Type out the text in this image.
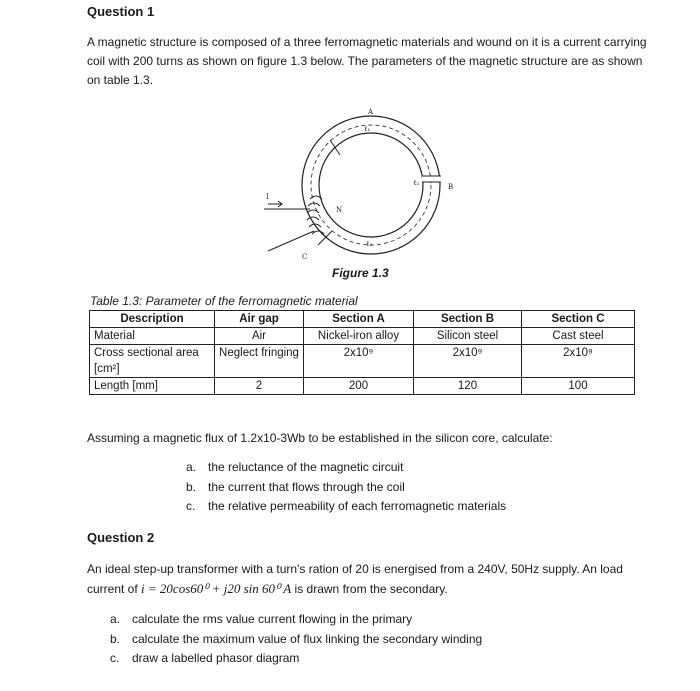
Question 1
A magnetic structure is composed of a three ferromagnetic materials and wound on it is a current carrying coil with 200 turns as shown on figure 1.3 below. The parameters of the magnetic structure are as shown on table 1.3.
A
B
C
N
I
ℓ₁
ℓ₂
ℓ₃
Figure 1.3
Table 1.3: Parameter of the ferromagnetic material
Description	Air gap	Section A	Section B	Section C
Material	Air	Nickel-iron alloy	Silicon steel	Cast steel
Cross sectional area [cm²]	Neglect fringing	2x10⁹	2x10⁹	2x10⁹
Length [mm]	2	200	120	100
Assuming a magnetic flux of 1.2x10-3Wb to be established in the silicon core, calculate:
a. the reluctance of the magnetic circuit
b. the current that flows through the coil
c. the relative permeability of each ferromagnetic materials
Question 2
An ideal step-up transformer with a turn's ration of 20 is energised from a 240V, 50Hz supply. An load current of i = 20cos60⁰ + j20 sin 60⁰ A is drawn from the secondary.
a. calculate the rms value current flowing in the primary
b. calculate the maximum value of flux linking the secondary winding
c. draw a labelled phasor diagram
